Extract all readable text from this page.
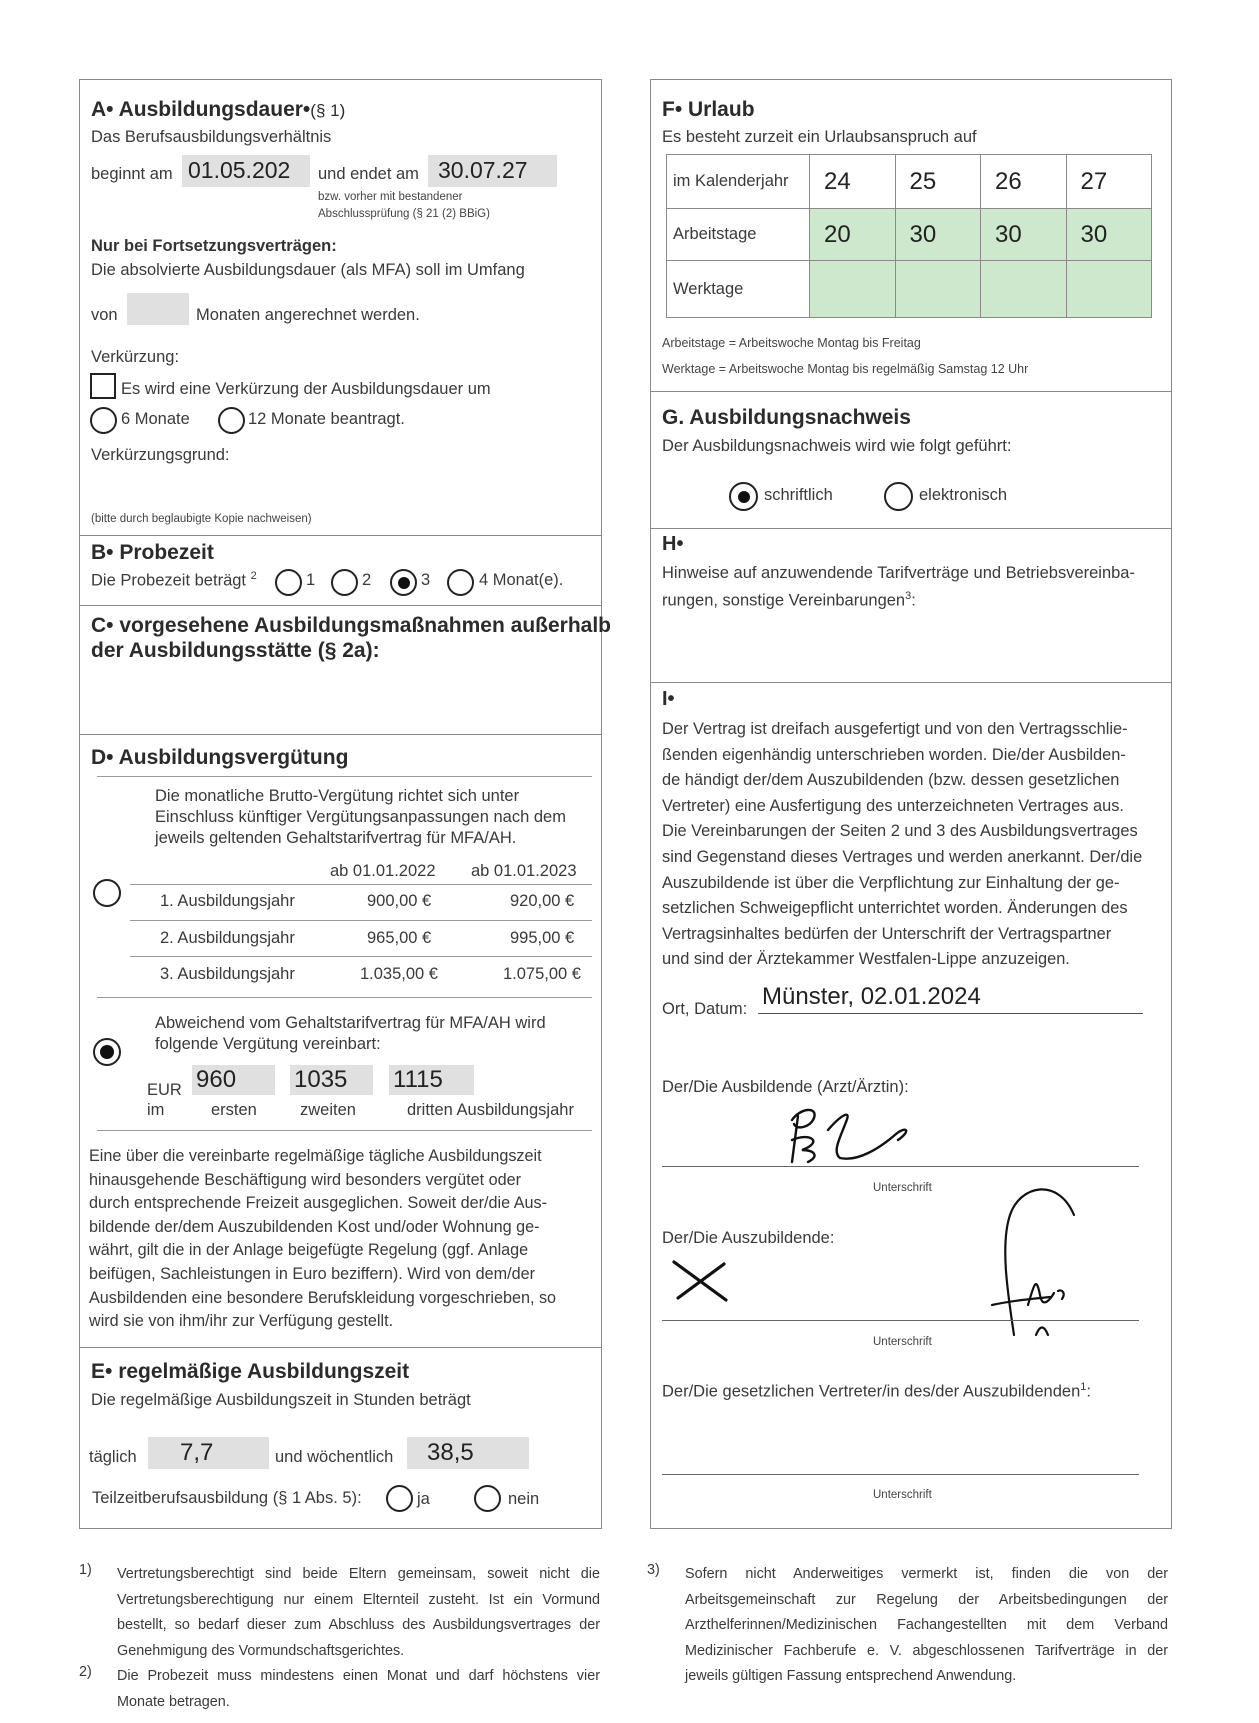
A• Ausbildungsdauer•(§ 1)
Das Berufsausbildungsverhältnis
beginnt am 01.05.202 und endet am 30.07.27
bzw. vorher mit bestandener
Abschlussprüfung (§ 21 (2) BBiG)
Nur bei Fortsetzungsverträgen:
Die absolvierte Ausbildungsdauer (als MFA) soll im Umfang
von	Monaten angerechnet werden.
Verkürzung:
Es wird eine Verkürzung der Ausbildungsdauer um
6 Monate	12 Monate beantragt.
Verkürzungsgrund:
(bitte durch beglaubigte Kopie nachweisen)
B• Probezeit
Die Probezeit beträgt $^2$	1	2	3	4 Monat(e).
C• vorgesehene Ausbildungsmaßnahmen außerhalb
der Ausbildungsstätte (§ 2a):
D• Ausbildungsvergütung
Die monatliche Brutto-Vergütung richtet sich unter
Einschluss künftiger Vergütungsanpassungen nach dem
jeweils geltenden Gehaltstarifvertrag für MFA/AH.
ab 01.01.2022 ab 01.01.2023
1. Ausbildungsjahr	900,00 €	920,00 €
2. Ausbildungsjahr	965,00 €	995,00 €
3. Ausbildungsjahr	1.035,00 €	1.075,00 €
Abweichend vom Gehaltstarifvertrag für MFA/AH wird
folgende Vergütung vereinbart:
EUR
im
960 1035 1115
ersten	zweiten	dritten Ausbildungsjahr
Eine über die vereinbarte regelmäßige tägliche Ausbildungszeit
hinausgehende Beschäftigung wird besonders vergütet oder
durch entsprechende Freizeit ausgeglichen. Soweit der/die Aus-
bildende der/dem Auszubildenden Kost und/oder Wohnung ge-
währt, gilt die in der Anlage beigefügte Regelung (ggf. Anlage
beifügen, Sachleistungen in Euro beziffern). Wird von dem/der
Ausbildenden eine besondere Berufskleidung vorgeschrieben, so
wird sie von ihm/ihr zur Verfügung gestellt.
E• regelmäßige Ausbildungszeit
Die regelmäßige Ausbildungszeit in Stunden beträgt
täglich 7,7	und wöchentlich 38,5
Teilzeitberufsausbildung (§ 1 Abs. 5):	ja	nein
F• Urlaub
Es besteht zurzeit ein Urlaubsanspruch auf
im Kalenderjahr	24	25	26	27
Arbeitstage	20	30	30	30
Werktage				
Arbeitstage = Arbeitswoche Montag bis Freitag
Werktage = Arbeitswoche Montag bis regelmäßig Samstag 12 Uhr
G. Ausbildungsnachweis
Der Ausbildungsnachweis wird wie folgt geführt:
schriftlich	elektronisch
H•
Hinweise auf anzuwendende Tarifverträge und Betriebsvereinba-
rungen, sonstige Vereinbarungen$^3$:
I•
Der Vertrag ist dreifach ausgefertigt und von den Vertragsschlie-
ßenden eigenhändig unterschrieben worden. Die/der Ausbilden-
de händigt der/dem Auszubildenden (bzw. dessen gesetzlichen
Vertreter) eine Ausfertigung des unterzeichneten Vertrages aus.
Die Vereinbarungen der Seiten 2 und 3 des Ausbildungsvertrages
sind Gegenstand dieses Vertrages und werden anerkannt. Der/die
Auszubildende ist über die Verpflichtung zur Einhaltung der ge-
setzlichen Schweigepflicht unterrichtet worden. Änderungen des
Vertragsinhaltes bedürfen der Unterschrift der Vertragspartner
und sind der Ärztekammer Westfalen-Lippe anzuzeigen.
Ort, Datum: Münster, 02.01.2024
Der/Die Ausbildende (Arzt/Ärztin):
Unterschrift
Der/Die Auszubildende:
Unterschrift
Der/Die gesetzlichen Vertreter/in des/der Auszubildenden$^1$:
Unterschrift
1) Vertretungsberechtigt sind beide Eltern gemeinsam, soweit nicht die Vertretungsberechtigung nur einem Elternteil zusteht. Ist ein Vormund bestellt, so bedarf dieser zum Abschluss des Ausbildungsvertrages der Genehmigung des Vormundschaftsgerichtes.
2) Die Probezeit muss mindestens einen Monat und darf höchstens vier Monate betragen.
3) Sofern nicht Anderweitiges vermerkt ist, finden die von der Arbeitsgemeinschaft zur Regelung der Arbeitsbedingungen der Arzthelferinnen/Medizinischen Fachangestellten mit dem Verband Medizinischer Fachberufe e. V. abgeschlossenen Tarifverträge in der jeweils gültigen Fassung entsprechend Anwendung.
